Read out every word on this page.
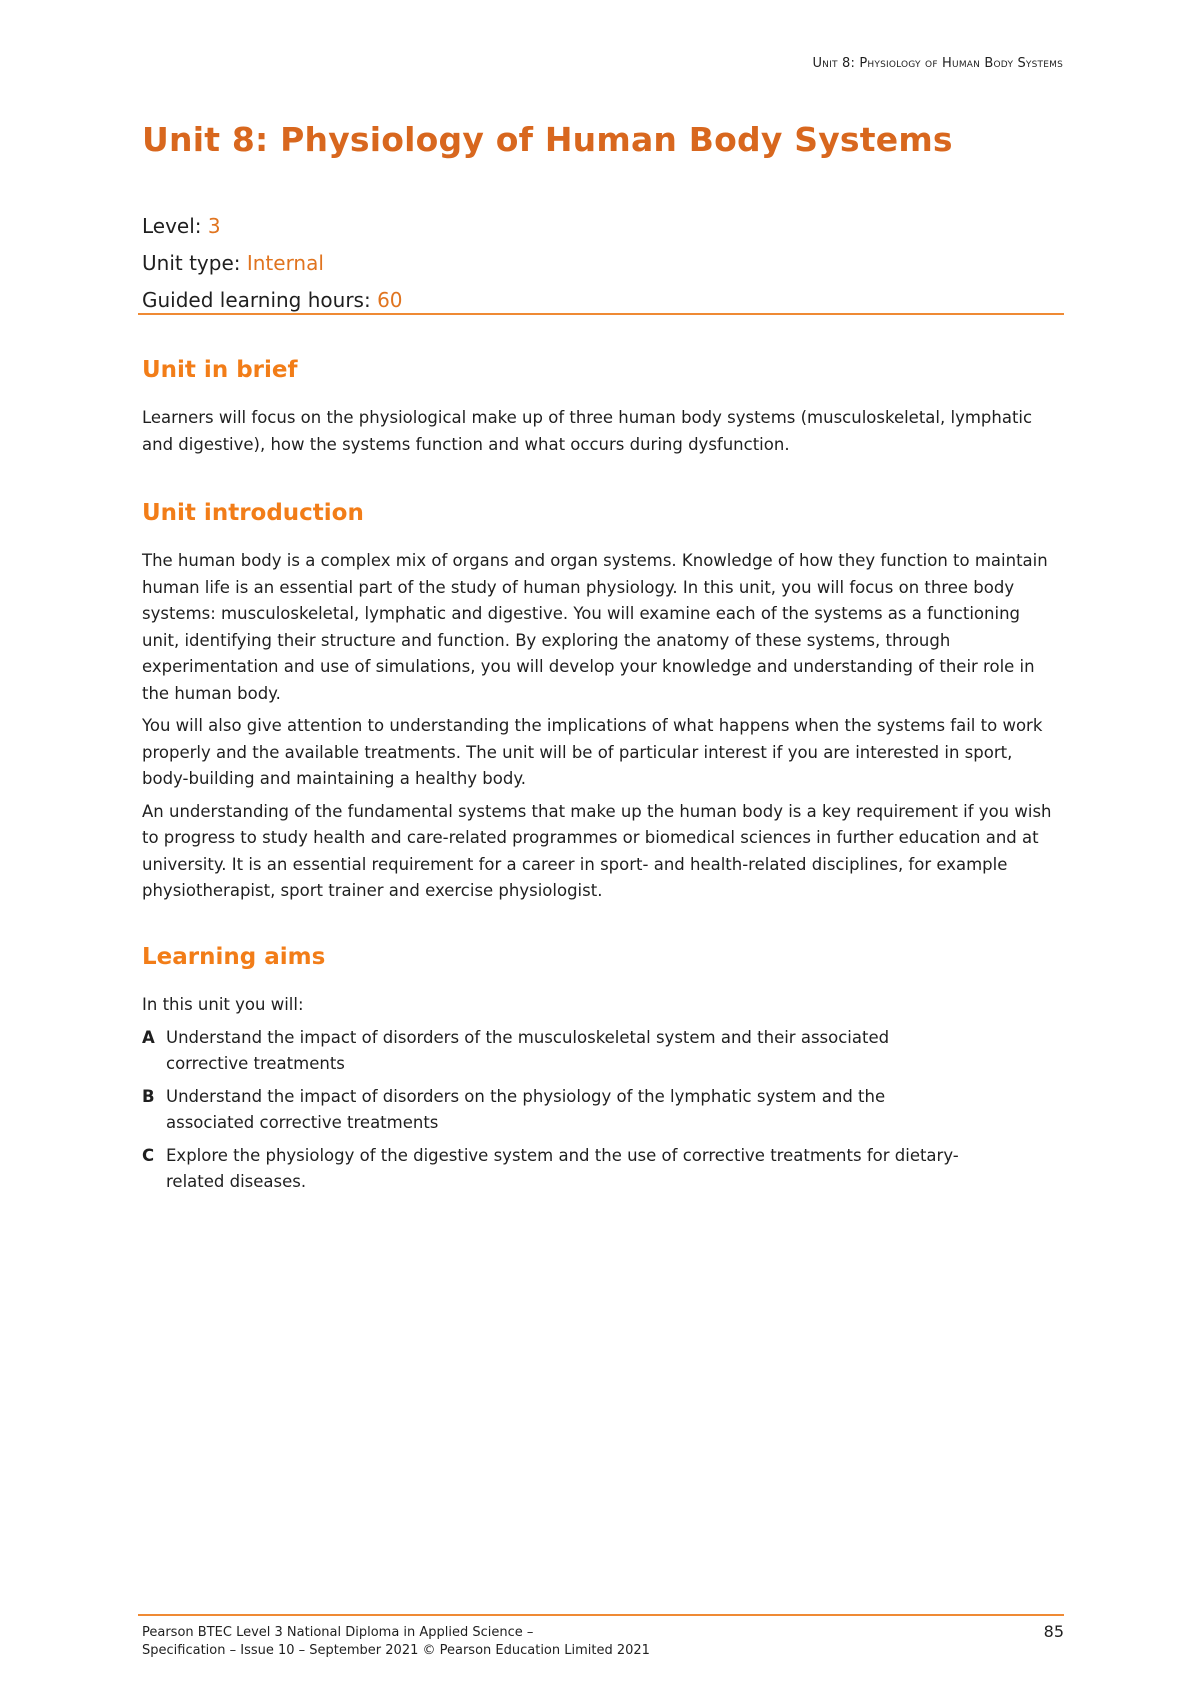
Unit 8: Physiology of Human Body Systems
Unit 8: Physiology of Human Body Systems
Level: 3
Unit type: Internal
Guided learning hours: 60
Unit in brief

Learners will focus on the physiological make up of three human body systems (musculoskeletal, lymphatic and digestive), how the systems function and what occurs during dysfunction.

Unit introduction

The human body is a complex mix of organs and organ systems. Knowledge of how they function to maintain human life is an essential part of the study of human physiology. In this unit, you will focus on three body systems: musculoskeletal, lymphatic and digestive. You will examine each of the systems as a functioning unit, identifying their structure and function. By exploring the anatomy of these systems, through experimentation and use of simulations, you will develop your knowledge and understanding of their role in the human body.

You will also give attention to understanding the implications of what happens when the systems fail to work properly and the available treatments. The unit will be of particular interest if you are interested in sport, body-building and maintaining a healthy body.

An understanding of the fundamental systems that make up the human body is a key requirement if you wish to progress to study health and care-related programmes or biomedical sciences in further education and at university. It is an essential requirement for a career in sport- and health-related disciplines, for example physiotherapist, sport trainer and exercise physiologist.

Learning aims

In this unit you will:

A Understand the impact of disorders of the musculoskeletal system and their associated corrective treatments
B Understand the impact of disorders on the physiology of the lymphatic system and the associated corrective treatments
C Explore the physiology of the digestive system and the use of corrective treatments for dietary-related diseases.
Pearson BTEC Level 3 National Diploma in Applied Science –
Specification – Issue 10 – September 2021 © Pearson Education Limited 2021
85
